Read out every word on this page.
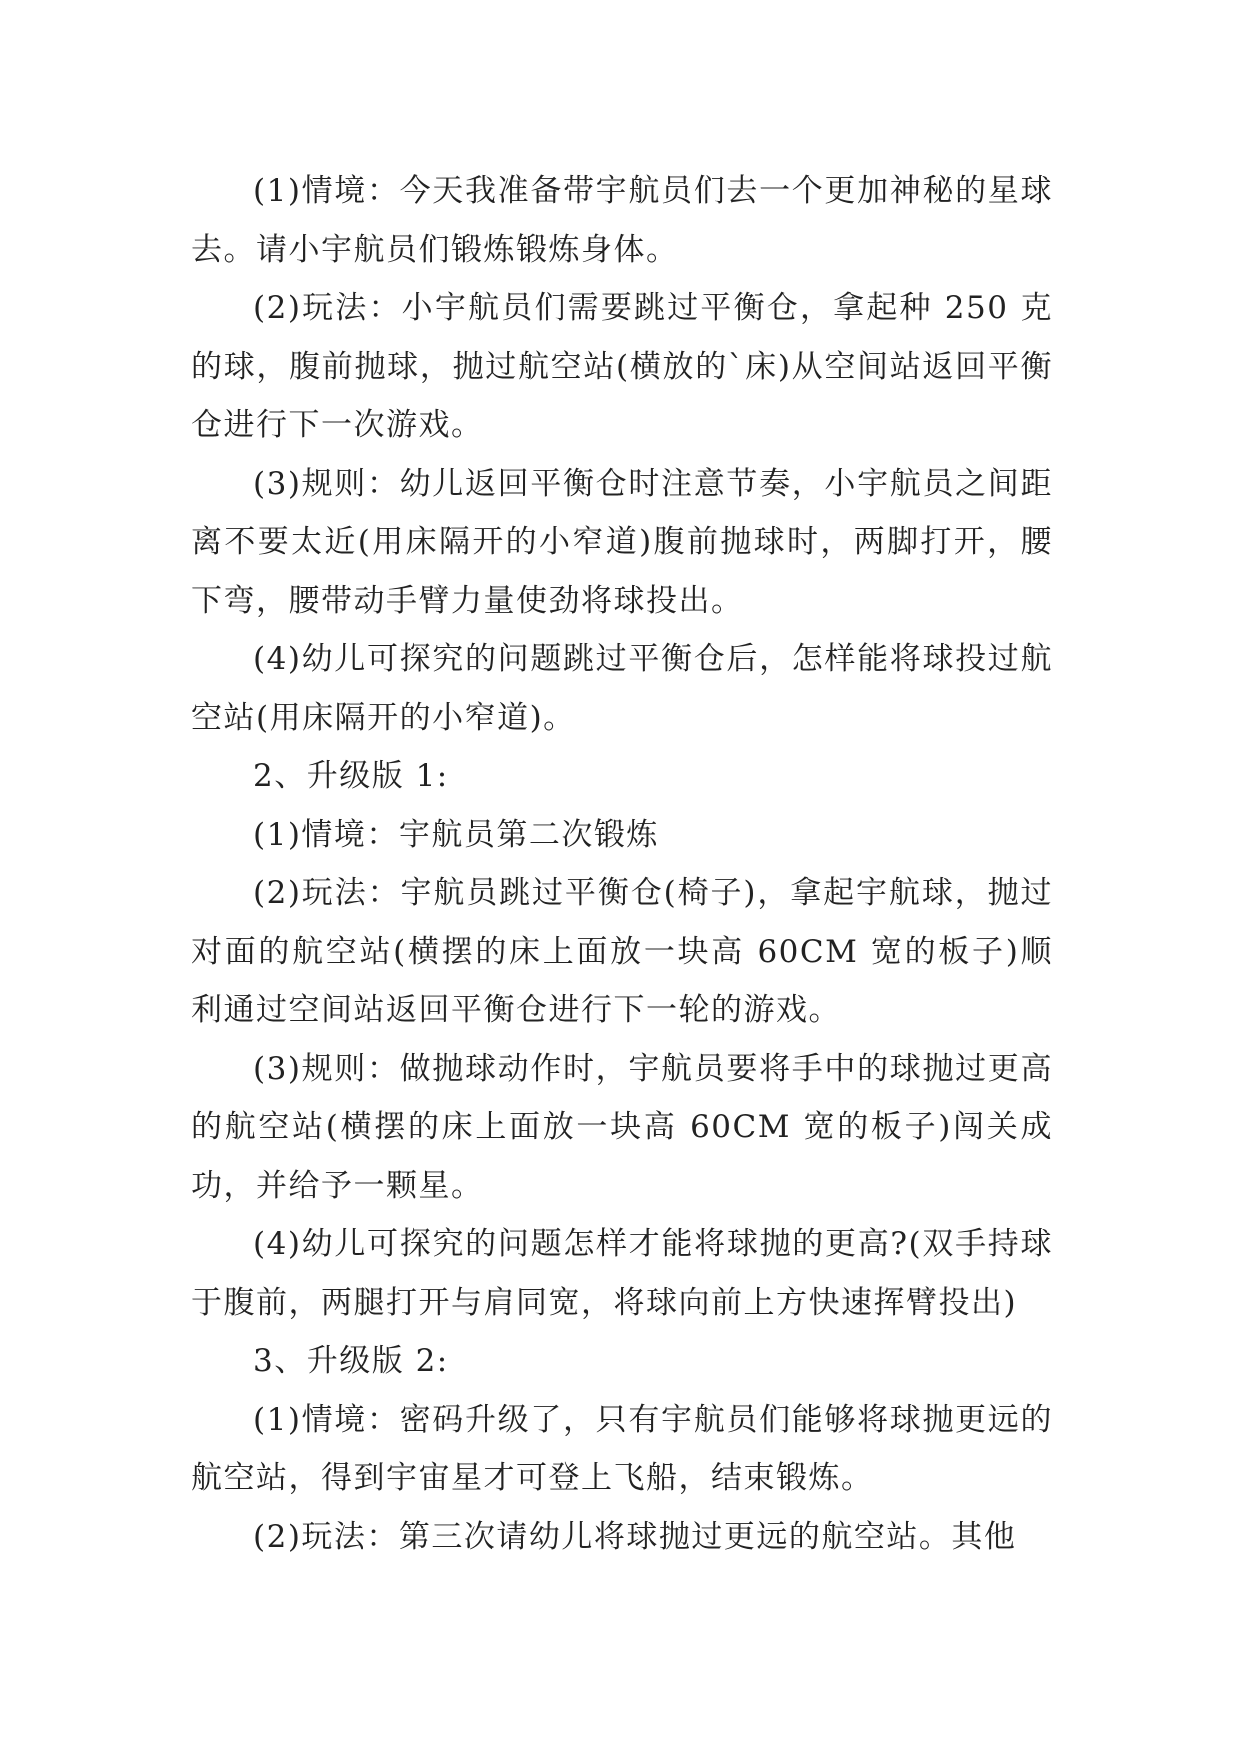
(1)情境：今天我准备带宇航员们去一个更加神秘的星球去。请小宇航员们锻炼锻炼身体。

(2)玩法：小宇航员们需要跳过平衡仓，拿起种 250 克的球，腹前抛球，抛过航空站(横放的`床)从空间站返回平衡仓进行下一次游戏。

(3)规则：幼儿返回平衡仓时注意节奏，小宇航员之间距离不要太近(用床隔开的小窄道)腹前抛球时，两脚打开，腰下弯，腰带动手臂力量使劲将球投出。

(4)幼儿可探究的问题跳过平衡仓后，怎样能将球投过航空站(用床隔开的小窄道)。

2、升级版 1:

(1)情境：宇航员第二次锻炼

(2)玩法：宇航员跳过平衡仓(椅子)，拿起宇航球，抛过对面的航空站(横摆的床上面放一块高 60CM 宽的板子)顺利通过空间站返回平衡仓进行下一轮的游戏。

(3)规则：做抛球动作时，宇航员要将手中的球抛过更高的航空站(横摆的床上面放一块高 60CM 宽的板子)闯关成功，并给予一颗星。

(4)幼儿可探究的问题怎样才能将球抛的更高?(双手持球于腹前，两腿打开与肩同宽，将球向前上方快速挥臂投出)

3、升级版 2:

(1)情境：密码升级了，只有宇航员们能够将球抛更远的航空站，得到宇宙星才可登上飞船，结束锻炼。

(2)玩法：第三次请幼儿将球抛过更远的航空站。其他
